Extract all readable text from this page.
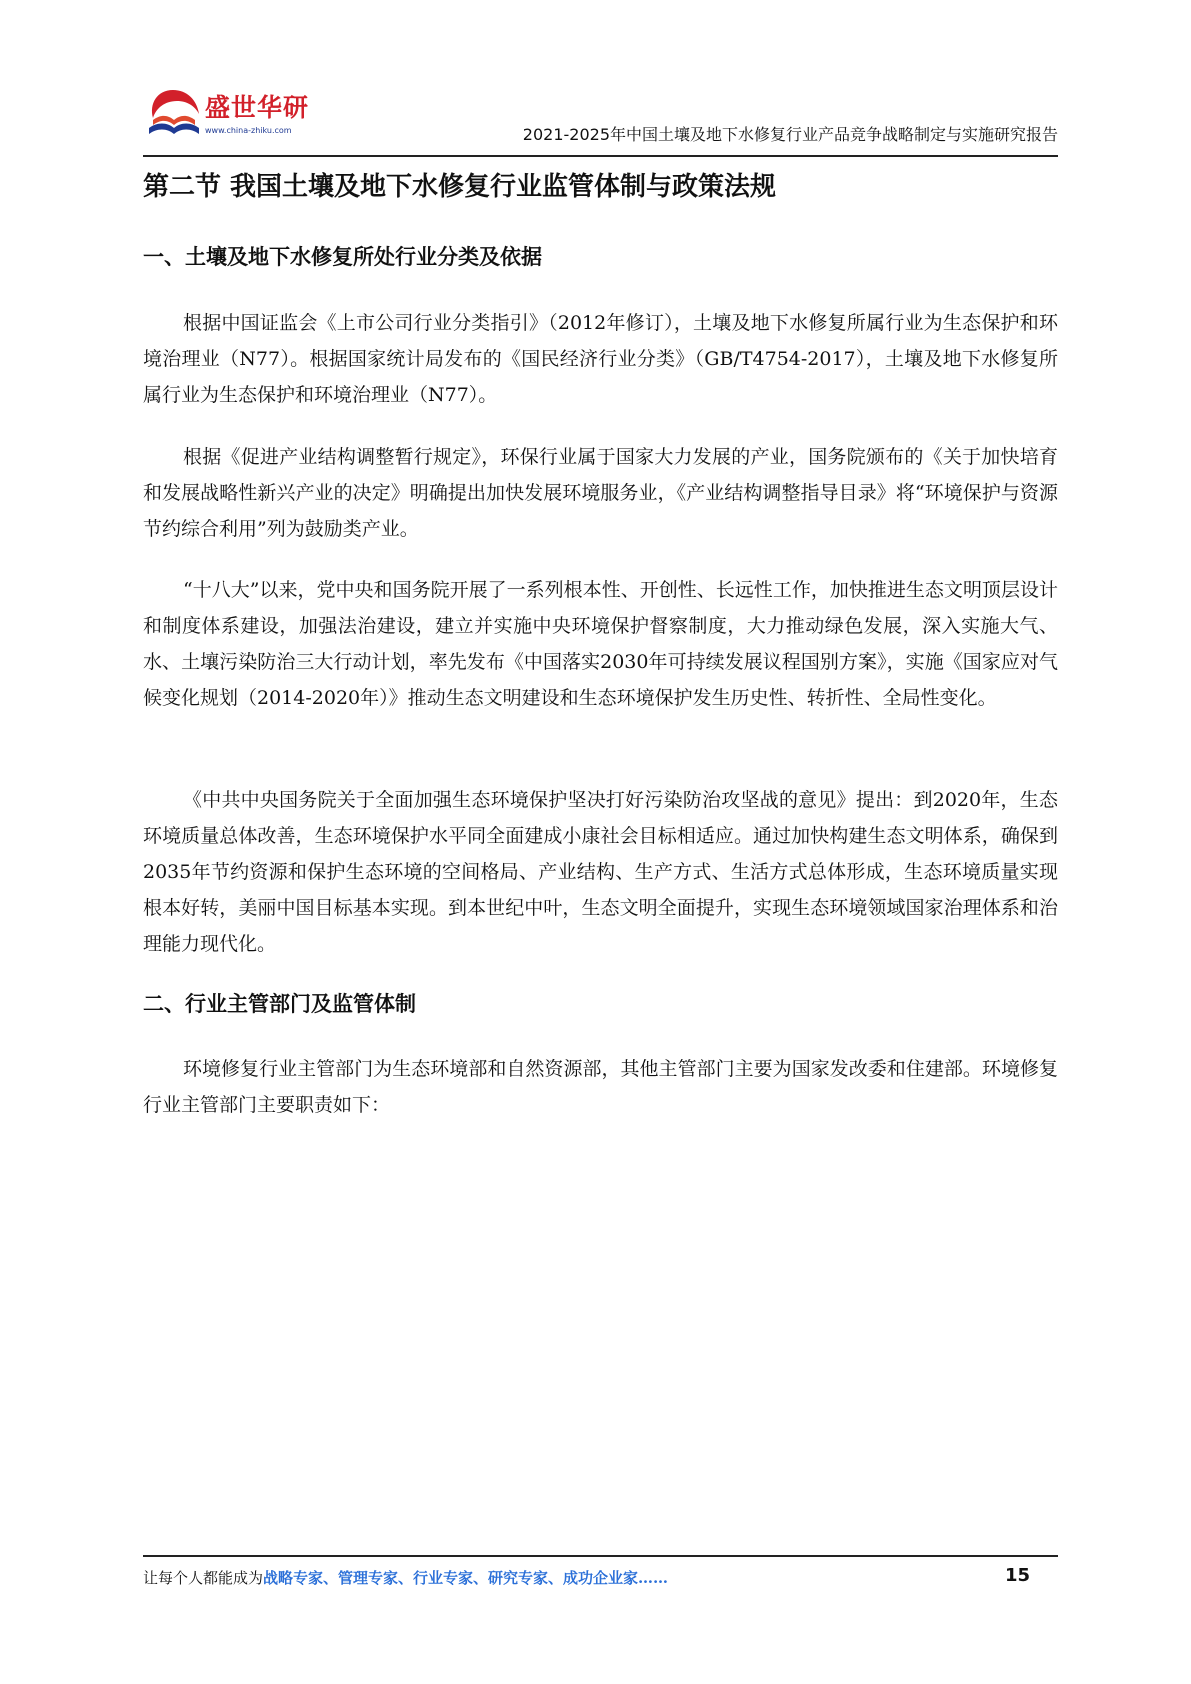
盛世华研
www.china-zhiku.com	2021-2025年中国土壤及地下水修复行业产品竞争战略制定与实施研究报告
第二节 我国土壤及地下水修复行业监管体制与政策法规
一、土壤及地下水修复所处行业分类及依据

根据中国证监会《上市公司行业分类指引》（2012年修订），土壤及地下水修复所属行业为生态保护和环境治理业（N77）。根据国家统计局发布的《国民经济行业分类》（GB/T4754-2017），土壤及地下水修复所属行业为生态保护和环境治理业（N77）。

根据《促进产业结构调整暂行规定》，环保行业属于国家大力发展的产业，国务院颁布的《关于加快培育和发展战略性新兴产业的决定》明确提出加快发展环境服务业，《产业结构调整指导目录》将“环境保护与资源节约综合利用”列为鼓励类产业。

“十八大”以来，党中央和国务院开展了一系列根本性、开创性、长远性工作，加快推进生态文明顶层设计和制度体系建设，加强法治建设，建立并实施中央环境保护督察制度，大力推动绿色发展，深入实施大气、水、土壤污染防治三大行动计划，率先发布《中国落实2030年可持续发展议程国别方案》，实施《国家应对气候变化规划（2014-2020年）》推动生态文明建设和生态环境保护发生历史性、转折性、全局性变化。

《中共中央国务院关于全面加强生态环境保护坚决打好污染防治攻坚战的意见》提出：到2020年，生态环境质量总体改善，生态环境保护水平同全面建成小康社会目标相适应。通过加快构建生态文明体系，确保到2035年节约资源和保护生态环境的空间格局、产业结构、生产方式、生活方式总体形成，生态环境质量实现根本好转，美丽中国目标基本实现。到本世纪中叶，生态文明全面提升，实现生态环境领域国家治理体系和治理能力现代化。

二、行业主管部门及监管体制

环境修复行业主管部门为生态环境部和自然资源部，其他主管部门主要为国家发改委和住建部。环境修复行业主管部门主要职责如下：

让每个人都能成为战略专家、管理专家、行业专家、研究专家、成功企业家……	15
